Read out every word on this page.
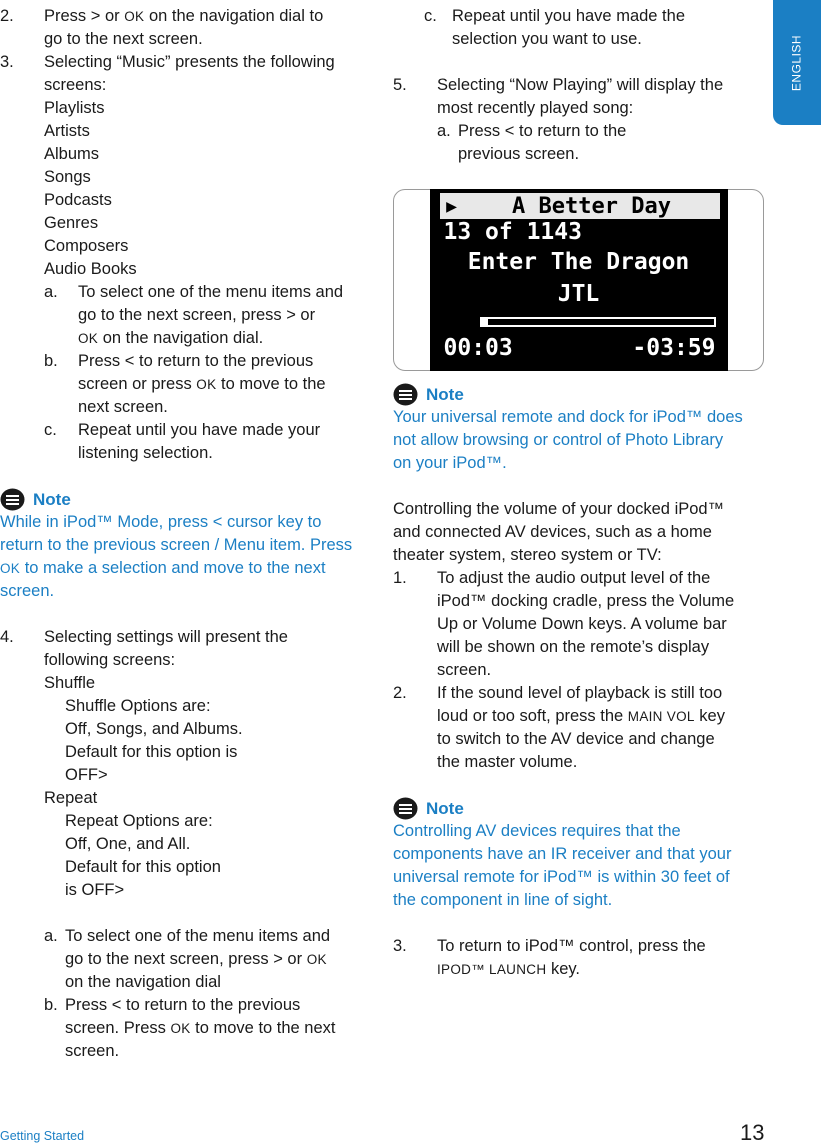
ENGLISH
2.	Press > or OK on the navigation dial to
go to the next screen.
3.	Selecting “Music” presents the following
screens:
Playlists
Artists
Albums
Songs
Podcasts
Genres
Composers
Audio Books
a.	To select one of the menu items and
go to the next screen, press > or
OK on the navigation dial.
b.	Press < to return to the previous
screen or press OK to move to the
next screen.
c.	Repeat until you have made your
listening selection.
Note
While in iPod™ Mode, press < cursor key to
return to the previous screen / Menu item. Press
OK to make a selection and move to the next
screen.
4.	Selecting settings will present the
following screens:
Shuffle
Shuffle Options are:
Off, Songs, and Albums.
Default for this option is
OFF>
Repeat
Repeat Options are:
Off, One, and All.
Default for this option
is OFF>
a. To select one of the menu items and
go to the next screen, press > or OK
on the navigation dial
b. Press < to return to the previous
screen. Press OK to move to the next
screen.
c. Repeat until you have made the
selection you want to use.
5.	Selecting “Now Playing” will display the
most recently played song:
a. Press < to return to the
previous screen.
▶	A Better Day
13 of 1143
Enter The Dragon
JTL
00:03	-03:59
Note
Your universal remote and dock for iPod™ does
not allow browsing or control of Photo Library
on your iPod™.
Controlling the volume of your docked iPod™
and connected AV devices, such as a home
theater system, stereo system or TV:
1.	To adjust the audio output level of the
iPod™ docking cradle, press the Volume
Up or Volume Down keys. A volume bar
will be shown on the remote’s display
screen.
2.	If the sound level of playback is still too
loud or too soft, press the MAIN VOL key
to switch to the AV device and change
the master volume.
Note
Controlling AV devices requires that the
components have an IR receiver and that your
universal remote for iPod™ is within 30 feet of
the component in line of sight.
3.	To return to iPod™ control, press the
IPOD™ LAUNCH key.
Getting Started	13
